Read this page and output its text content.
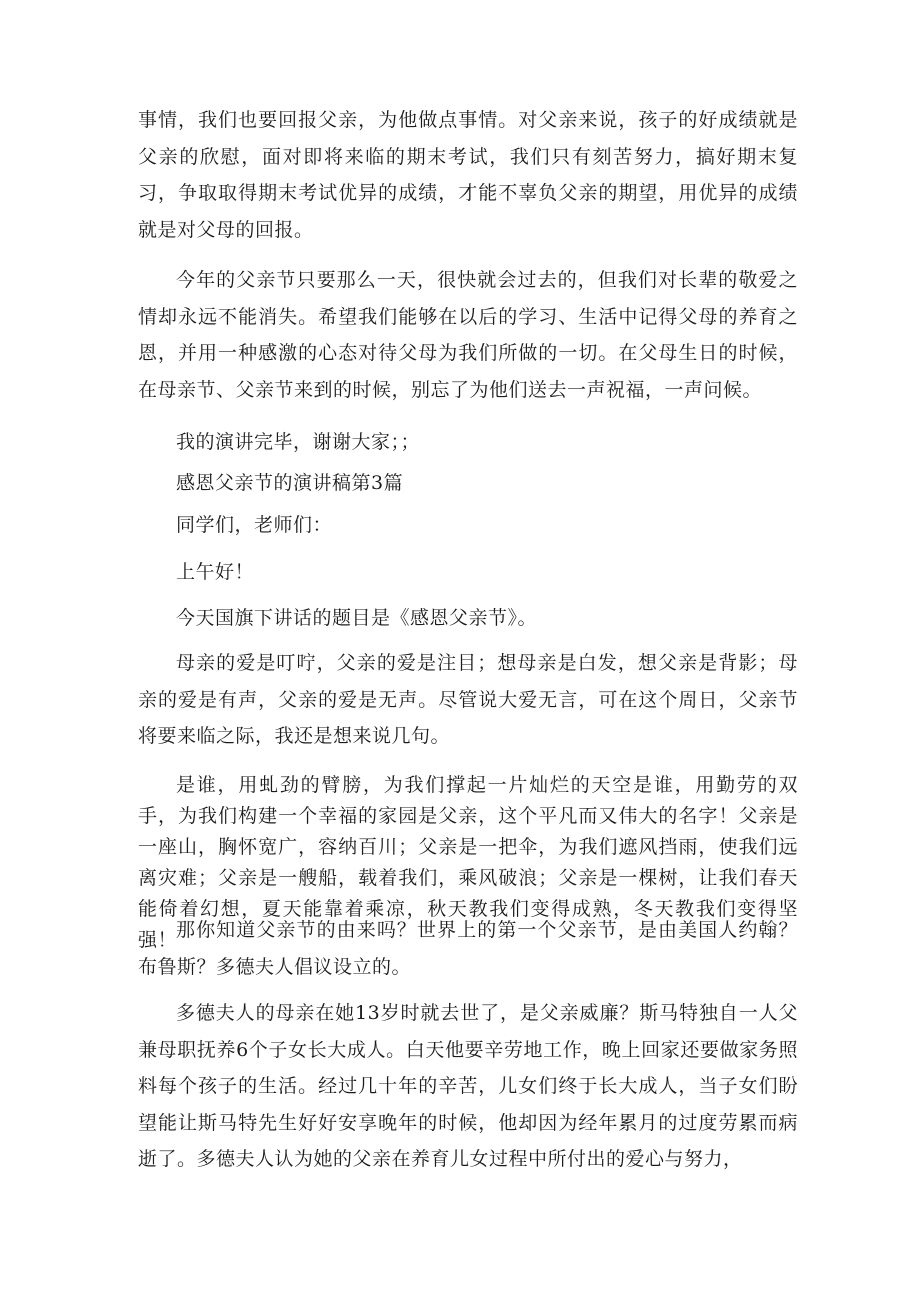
事情，我们也要回报父亲，为他做点事情。对父亲来说，孩子的好成绩就是父亲的欣慰，面对即将来临的期末考试，我们只有刻苦努力，搞好期末复习，争取取得期末考试优异的成绩，才能不辜负父亲的期望，用优异的成绩就是对父母的回报。

今年的父亲节只要那么一天，很快就会过去的，但我们对长辈的敬爱之情却永远不能消失。希望我们能够在以后的学习、生活中记得父母的养育之恩，并用一种感激的心态对待父母为我们所做的一切。在父母生日的时候，在母亲节、父亲节来到的时候，别忘了为他们送去一声祝福，一声问候。

我的演讲完毕，谢谢大家；；

感恩父亲节的演讲稿第3篇

同学们，老师们：

上午好！

今天国旗下讲话的题目是《感恩父亲节》。

母亲的爱是叮咛，父亲的爱是注目；想母亲是白发，想父亲是背影；母亲的爱是有声，父亲的爱是无声。尽管说大爱无言，可在这个周日，父亲节将要来临之际，我还是想来说几句。

是谁，用虬劲的臂膀，为我们撑起一片灿烂的天空是谁，用勤劳的双手，为我们构建一个幸福的家园是父亲，这个平凡而又伟大的名字！父亲是一座山，胸怀宽广，容纳百川；父亲是一把伞，为我们遮风挡雨，使我们远离灾难；父亲是一艘船，载着我们，乘风破浪；父亲是一棵树，让我们春天能倚着幻想，夏天能靠着乘凉，秋天教我们变得成熟，冬天教我们变得坚强！

那你知道父亲节的由来吗？世界上的第一个父亲节，是由美国人约翰？布鲁斯？多德夫人倡议设立的。

多德夫人的母亲在她13岁时就去世了，是父亲威廉？斯马特独自一人父兼母职抚养6个子女长大成人。白天他要辛劳地工作，晚上回家还要做家务照料每个孩子的生活。经过几十年的辛苦，儿女们终于长大成人，当子女们盼望能让斯马特先生好好安享晚年的时候，他却因为经年累月的过度劳累而病逝了。多德夫人认为她的父亲在养育儿女过程中所付出的爱心与努力，
